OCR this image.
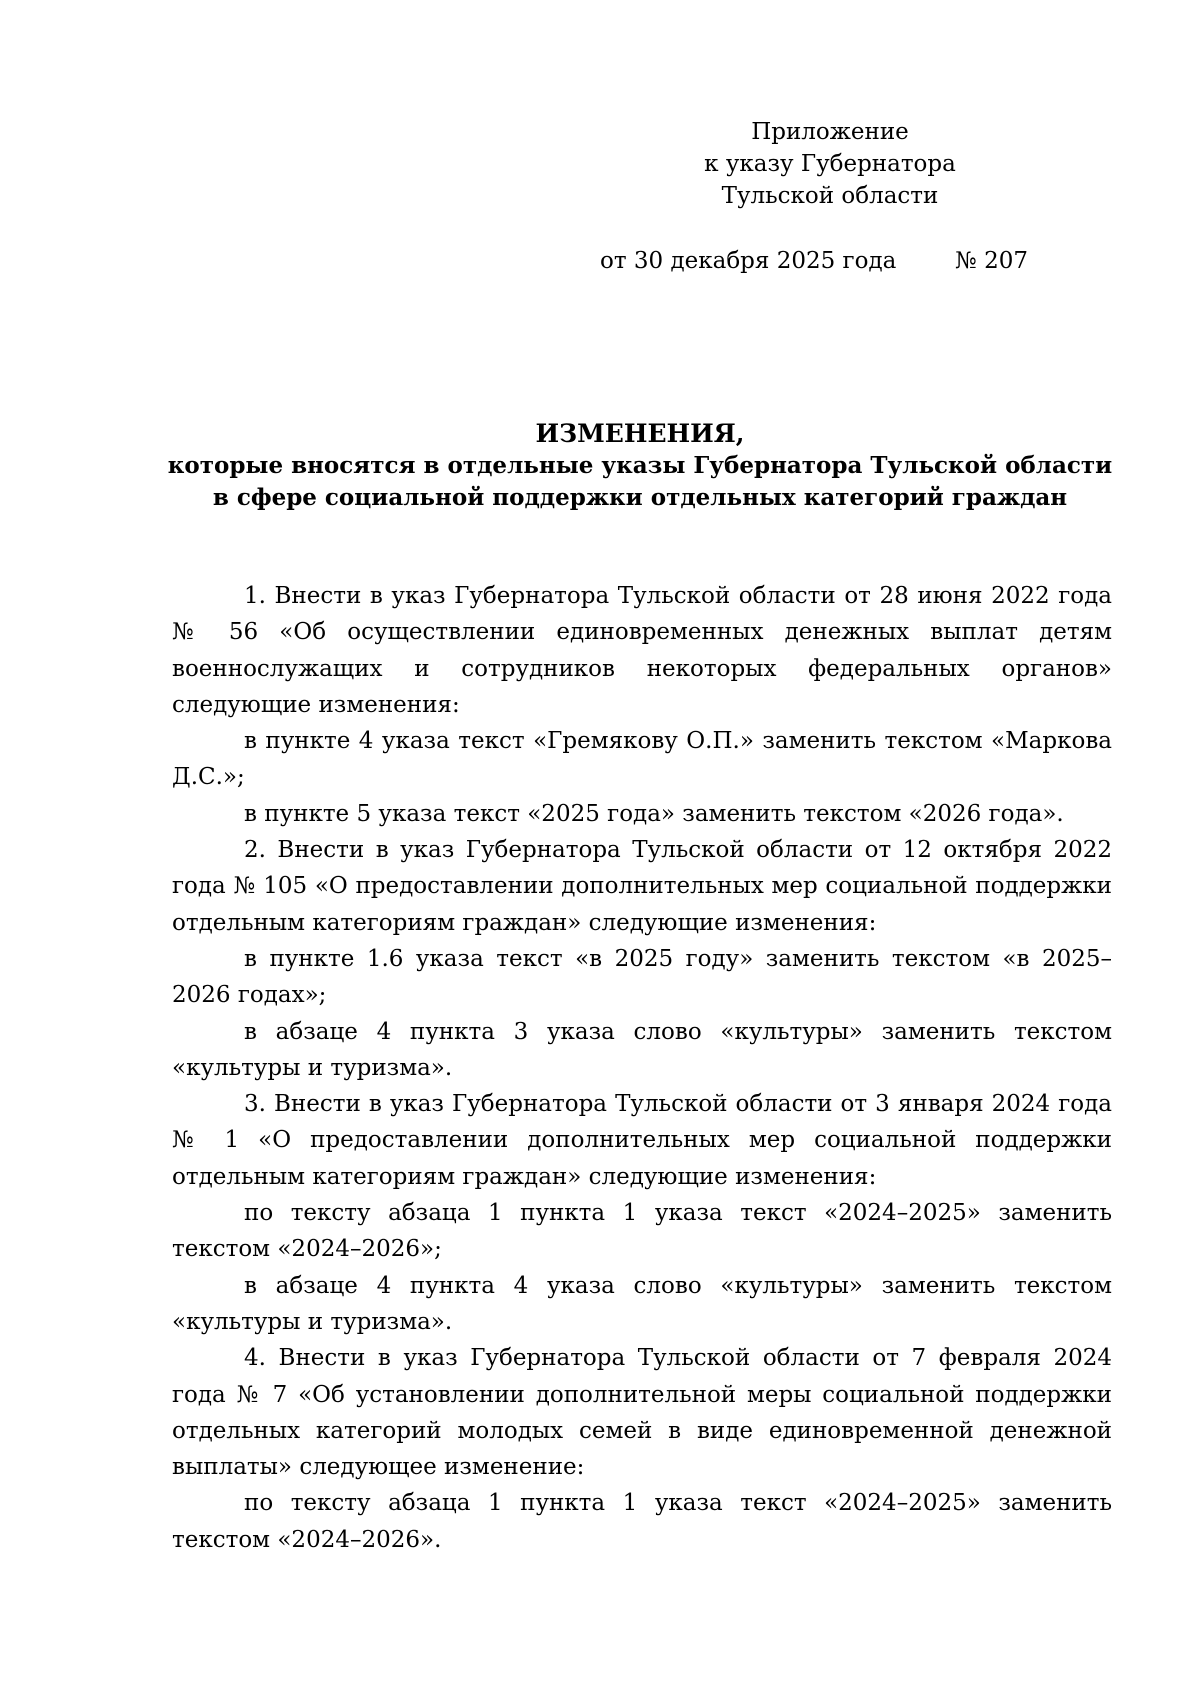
Приложение
к указу Губернатора
Тульской области
от 30 декабря 2025 года	№ 207
ИЗМЕНЕНИЯ,
которые вносятся в отдельные указы Губернатора Тульской области
в сфере социальной поддержки отдельных категорий граждан

1. Внести в указ Губернатора Тульской области от 28 июня 2022 года № 56 «Об осуществлении единовременных денежных выплат детям военнослужащих и сотрудников некоторых федеральных органов» следующие изменения:

в пункте 4 указа текст «Гремякову О.П.» заменить текстом «Маркова Д.С.»;

в пункте 5 указа текст «2025 года» заменить текстом «2026 года».

2. Внести в указ Губернатора Тульской области от 12 октября 2022 года № 105 «О предоставлении дополнительных мер социальной поддержки отдельным категориям граждан» следующие изменения:

в пункте 1.6 указа текст «в 2025 году» заменить текстом «в 2025–2026 годах»;

в абзаце 4 пункта 3 указа слово «культуры» заменить текстом «культуры и туризма».

3. Внести в указ Губернатора Тульской области от 3 января 2024 года № 1 «О предоставлении дополнительных мер социальной поддержки отдельным категориям граждан» следующие изменения:

по тексту абзаца 1 пункта 1 указа текст «2024–2025» заменить текстом «2024–2026»;

в абзаце 4 пункта 4 указа слово «культуры» заменить текстом «культуры и туризма».

4. Внести в указ Губернатора Тульской области от 7 февраля 2024 года № 7 «Об установлении дополнительной меры социальной поддержки отдельных категорий молодых семей в виде единовременной денежной выплаты» следующее изменение:

по тексту абзаца 1 пункта 1 указа текст «2024–2025» заменить текстом «2024–2026».
